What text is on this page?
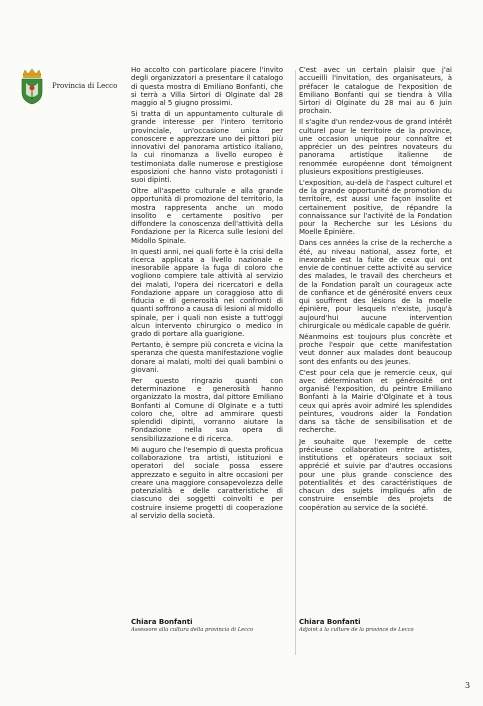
Provincia di Lecco

Ho accolto con particolare piacere l'invito degli organizzatori a presentare il catalogo di questa mostra di Emiliano Bonfanti, che si terrà a Villa Sirtori di Olginate dal 28 maggio al 5 giugno prossimi.

Si tratta di un appuntamento culturale di grande interesse per l'intero territorio provinciale, un'occasione unica per conoscere e apprezzare uno dei pittori più innovativi del panorama artistico italiano, la cui rinomanza a livello europeo è testimoniata dalle numerose e prestigiose esposizioni che hanno visto protagonisti i suoi dipinti.

Oltre all'aspetto culturale e alla grande opportunità di promozione del territorio, la mostra rappresenta anche un modo insolito e certamente positivo per diffondere la conoscenza dell'attività della Fondazione per la Ricerca sulle lesioni del Midollo Spinale.

In questi anni, nei quali forte è la crisi della ricerca applicata a livello nazionale e inesorabile appare la fuga di coloro che vogliono compiere tale attività al servizio dei malati, l'opera dei ricercatori e della Fondazione appare un coraggioso atto di fiducia e di generosità nei confronti di quanti soffrono a causa di lesioni al midollo spinale, per i quali non esiste a tutt'oggi alcun intervento chirurgico o medico in grado di portare alla guarigione.

Pertanto, è sempre più concreta e vicina la speranza che questa manifestazione voglie donare ai malati, molti dei quali bambini o giovani.

Per questo ringrazio quanti con determinazione e generosità hanno organizzato la mostra, dal pittore Emiliano Bonfanti al Comune di Olginate e a tutti coloro che, oltre ad ammirare questi splendidi dipinti, vorranno aiutare la Fondazione nella sua opera di sensibilizzazione e di ricerca.

Mi auguro che l'esempio di questa proficua collaborazione tra artisti, istituzioni e operatori del sociale possa essere apprezzato e seguito in altre occasioni per creare una maggiore consapevolezza delle potenzialità e delle caratteristiche di ciascuno dei soggetti coinvolti e per costruire insieme progetti di cooperazione al servizio della società.

C'est avec un certain plaisir que j'ai accueilli l'invitation, des organisateurs, à préfacer le catalogue de l'exposition de Emiliano Bonfanti qui se tiendra à Villa Sirtori di Olginate du 28 mai au 6 juin prochain.

Il s'agite d'un rendez-vous de grand intérêt culturel pour le territoire de la province, une occasion unique pour connaître et apprécier un des peintres novateurs du panorama artistique italienne de renommée européenne dont témoignent plusieurs expositions prestigieuses.

L'exposition, au-delà de l'aspect culturel et de la grande opportunité de promotion du territoire, est aussi une façon insolite et certainement positive, de répandre la connaissance sur l'activité de la Fondation pour la Recherche sur les Lésions du Moelle Épinière.

Dans ces années la crise de la recherche a été, au niveau national, assez forte, et inexorable est la fuite de ceux qui ont envie de continuer cette activité au service des malades, le travail des chercheurs et de la Fondation paraît un courageux acte de confiance et de générosité envers ceux qui souffrent des lésions de la moelle épinière, pour lesquels n'existe, jusqu'à aujourd'hui aucune intervention chirurgicale ou médicale capable de guérir.

Néanmoins est toujours plus concrète et proche l'espoir que cette manifestation veut donner aux malades dont beaucoup sont des enfants ou des jeunes.

C'est pour cela que je remercie ceux, qui avec détermination et générosité ont organisé l'exposition, du peintre Emiliano Bonfanti à la Mairie d'Olginate et à tous ceux qui après avoir admiré les splendides peintures, voudrons aider la Fondation dans sa tâche de sensibilisation et de recherche.

Je souhaite que l'exemple de cette précieuse collaboration entre artistes, institutions et opérateurs sociaux soit apprécié et suivie par d'autres occasions pour une plus grande conscience des potentialités et des caractéristiques de chacun des sujets impliqués afin de construire ensemble des projets de coopération au service de la société.

Chiara Bonfanti
Assessore alla cultura della provincia di Lecco
Chiara Bonfanti
Adjoint à la culture de la province de Lecco
3
